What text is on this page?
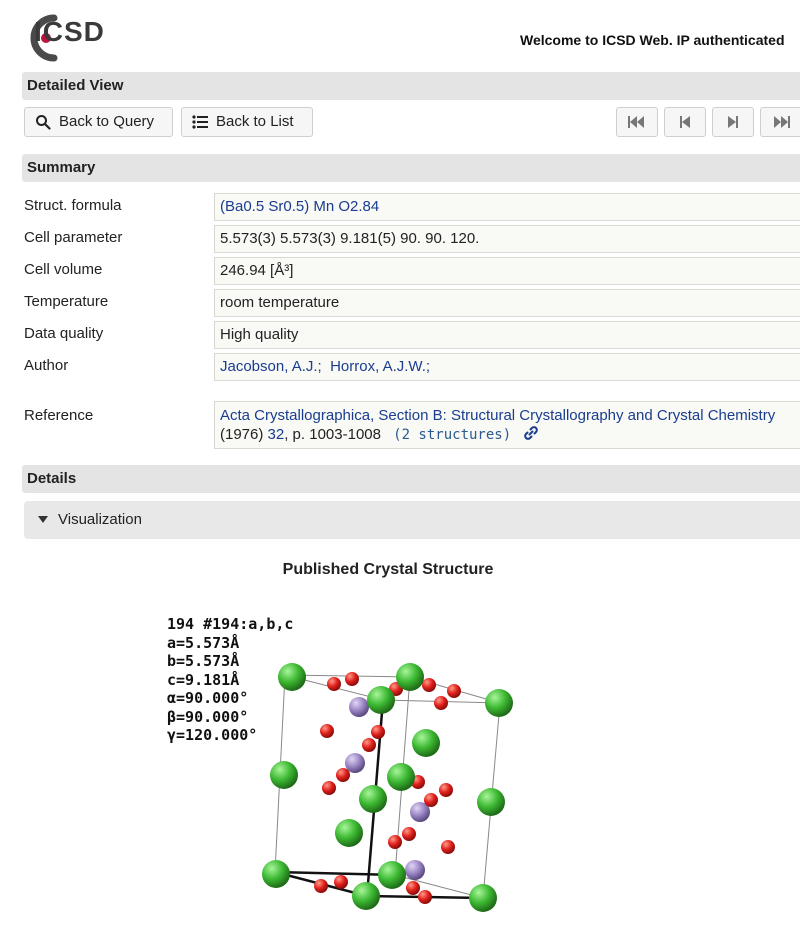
ICSD	Welcome to ICSD Web. IP authenticated
Detailed View
Back to Query	Back to List
Summary
Struct. formula	(Ba0.5 Sr0.5) Mn O2.84
Cell parameter	5.573(3) 5.573(3) 9.181(5) 90. 90. 120.
Cell volume	246.94 [Å³]
Temperature	room temperature
Data quality	High quality
Author	Jacobson, A.J.; Horrox, A.J.W.;
Reference	Acta Crystallographica, Section B: Structural Crystallography and Crystal Chemistry
(1976) 32, p. 1003-1008 (2 structures)
Details
Visualization
Published Crystal Structure
194 #194:a,b,c
a=5.573Å
b=5.573Å
c=9.181Å
α=90.000°
β=90.000°
γ=120.000°
